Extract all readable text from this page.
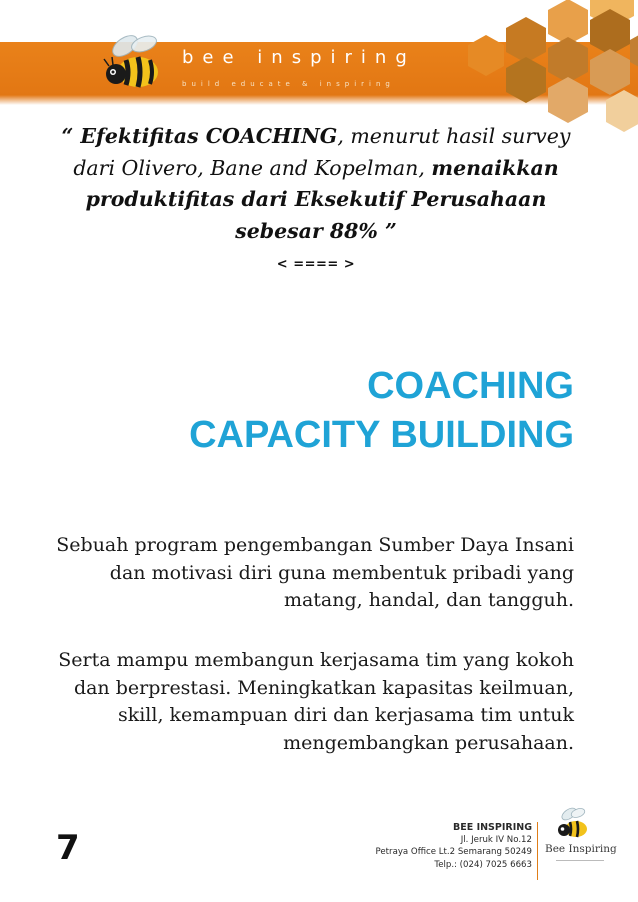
bee inspiring
build educate & inspiring
“ Efektifitas COACHING, menurut hasil survey dari Olivero, Bane and Kopelman, menaikkan produktifitas dari Eksekutif Perusahaan sebesar 88% ”
< ==== >
COACHING
CAPACITY BUILDING
Sebuah program pengembangan Sumber Daya Insani dan motivasi diri guna membentuk pribadi yang matang, handal, dan tangguh.
Serta mampu membangun kerjasama tim yang kokoh dan berprestasi. Meningkatkan kapasitas keilmuan, skill, kemampuan diri dan kerjasama tim untuk mengembangkan perusahaan.
7
BEE INSPIRING
Jl. Jeruk IV No.12
Petraya Office Lt.2 Semarang 50249
Telp.: (024) 7025 6663
Bee Inspiring
